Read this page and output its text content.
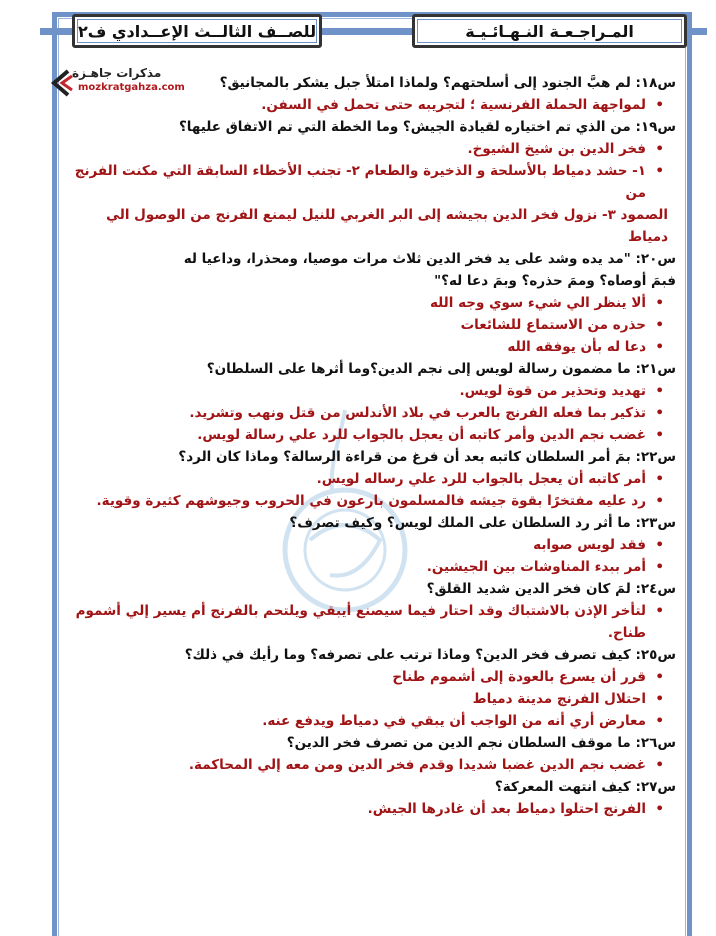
المـراجـعـة النـهـائـيـة
للصــف الثالــث الإعــدادي ف٢
مذكرات جاهـزة
mozkratgahza.com	س١٨: لم هبَّ الجنود إلى أسلحتهم؟ ولماذا امتلأ جبل يشكر بالمجانيق؟
• لمواجهة الحملة الفرنسية ؛ لتجريبه حتى تحمل في السفن.
س١٩: من الذي تم اختياره لقيادة الجيش؟ وما الخطة التي تم الاتفاق عليها؟
• فخر الدين بن شيخ الشيوخ.
• ١- حشد دمياط بالأسلحة و الذخيرة والطعام ٢- تجنب الأخطاء السابقة التي مكنت الفرنج من
الصمود ٣- نزول فخر الدين بجيشه إلى البر الغربي للنيل ليمنع الفرنج من الوصول الي دمياط
س٢٠: "مد يده وشد على يد فخر الدين ثلاث مرات موصيا، ومحذرا، وداعيا له
فبمَ أوصاه؟ وممَ حذره؟ وبمَ دعا له؟"
• ألا ينظر الي شيء سوي وجه الله
• حذره من الاستماع للشائعات
• دعا له بأن يوفقه الله
س٢١: ما مضمون رسالة لويس إلى نجم الدين؟وما أثرها على السلطان؟
• تهديد وتحذير من قوة لويس.
• تذكير بما فعله الفرنج بالعرب في بلاد الأندلس من قتل ونهب وتشريد.
• غضب نجم الدين وأمر كاتبه أن يعجل بالجواب للرد علي رسالة لويس.
س٢٢: بمَ أمر السلطان كاتبه بعد أن فرغ من قراءة الرسالة؟ وماذا كان الرد؟
• أمر كاتبه أن يعجل بالجواب للرد علي رساله لويس.
• رد عليه مفتخرًا بقوة جيشه فالمسلمون بارعون في الحروب وجيوشهم كثيرة وقوية.
س٢٣: ما أثر رد السلطان على الملك لويس؟ وكيف تصرف؟
• فقد لويس صوابه
• أمر ببدء المناوشات بين الجيشين.
س٢٤: لمَ كان فخر الدين شديد القلق؟
• لتأخر الإذن بالاشتباك وقد احتار فيما سيصنع أيبقي ويلتحم بالفرنج أم يسير إلي أشموم طناح.
س٢٥: كيف تصرف فخر الدين؟ وماذا ترتب على تصرفه؟ وما رأيك في ذلك؟
• قرر أن يسرع بالعودة إلى أشموم طناح
• احتلال الفرنج مدينة دمياط
• معارض أري أنه من الواجب أن يبقي في دمياط ويدفع عنه.
س٢٦: ما موقف السلطان نجم الدين من تصرف فخر الدين؟
• غضب نجم الدين غضبا شديدا وقدم فخر الدين ومن معه إلي المحاكمة.
س٢٧: كيف انتهت المعركة؟
• الفرنج احتلوا دمياط بعد أن غادرها الجيش.
